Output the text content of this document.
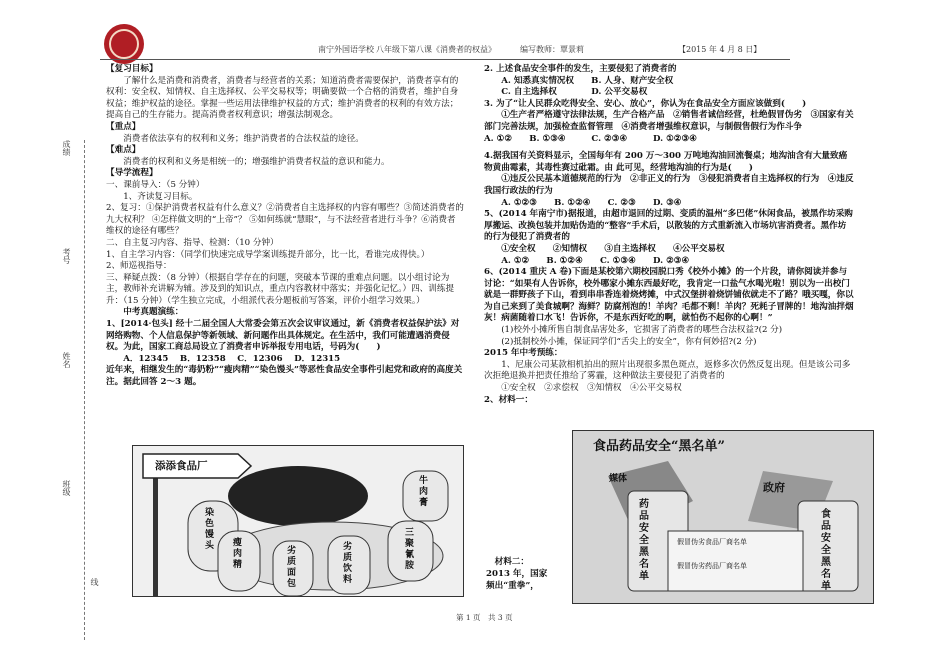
南宁外国语学校 八年级下第八课《消费者的权益》	编写教师：覃景莉	【2015 年 4 月 8 日】
成绩
考号
姓名
班级
线

【复习目标】

了解什么是消费和消费者，消费者与经营者的关系；知道消费者需要保护，消费者享有的权利：安全权、知情权、自主选择权、公平交易权等；明确要做一个合格的消费者，维护自身权益；维护权益的途径。掌握一些运用法律维护权益的方式；维护消费者的权利的有效方法；提高自己的生存能力。提高消费者权利意识；增强法制观念。

【重点】

消费者依法享有的权利和义务；维护消费者的合法权益的途径。

【难点】

消费者的权利和义务是相统一的；增强维护消费者权益的意识和能力。

【导学流程】

一、课前导入：（5 分钟）

1、齐读复习目标。

2、复习：①保护消费者权益有什么意义？②消费者自主选择权的内容有哪些？③简述消费者的九大权利？ ④怎样做文明的“上帝”？ ⑤如何练就“慧眼”，与不法经营者进行斗争？⑥消费者维权的途径有哪些？

二、自主复习内容、指导、检测：（10 分钟）

1、自主学习内容：（同学们快速完成导学案训练提升部分，比一比，看谁完成得快。）

2、师巡视指导：

三、释疑点拨：（8 分钟）（根据自学存在的问题，突破本节课的重难点问题。以小组讨论为主，教师补充讲解为辅。涉及到的知识点，重点内容教材中落实；并强化记忆。）四、训练提升：（15 分钟）（学生独立完成，小组派代表分题板前写答案，评价小组学习效果。）

中考真题演练：

1、[2014·包头] 经十二届全国人大常委会第五次会议审议通过，新《消费者权益保护法》对网络购物、个人信息保护等新领域、新问题作出具体规定。在生活中，我们可能遭遇消费侵权。为此，国家工商总局设立了消费者申诉举报专用电话，号码为(　　)

A．12345　 B．12358　 C．12306　 D．12315

近年来，相继发生的“毒奶粉”“瘦肉精”“染色馒头”等恶性食品安全事件引起党和政府的高度关注。据此回答 2～3 题。

添添食品厂
染色馒头	瘦肉精
劣质面包
劣质饮料
三聚氰胺
牛肉膏

2. 上述食品安全事件的发生，主要侵犯了消费者的

A. 知悉真实情况权　　B. 人身、财产安全权

C. 自主选择权　　　　D. 公平交易权

3. 为了“让人民群众吃得安全、安心、放心”，你认为在食品安全方面应该做到(　　)

①生产者严格遵守法律法规，生产合格产品　②销售者诚信经营，杜绝假冒伪劣　③国家有关部门完善法规，加强检查监督管理　④消费者增强维权意识，与制假售假行为作斗争

A. ①②　　B. ①③④　　　C. ②③④　　　D. ①②③④

4.据我国有关资料显示，全国每年有 200 万～300 万吨地沟油回流餐桌；地沟油含有大量致癌物黄曲霉素，其毒性赛过砒霜。由 此可见，经营地沟油的行为是(　　)

①违反公民基本道德规范的行为　②非正义的行为　③侵犯消费者自主选择权的行为　④违反我国行政法的行为

A. ①②③　　B. ①②④　　C. ②③　　D. ③④

5、(2014 年南宁市)据报道，由超市退回的过期、变质的温州“多巴佬”休闲食品，被黑作坊采购厚搬运、改换包装并加贴伪造的“整容”手术后，以散装的方式重新流入市场坑害消费者。黑作坊的行为侵犯了消费者的

①安全权　　②知情权　　③自主选择权　　④公平交易权

A. ①②　　B. ①②④　　C. ①③④　　D. ②③④

6、(2014 重庆 A 卷)下面是某校第六期校园脱口秀《校外小摊》的一个片段，请你阅读并参与讨论：“如果有人告诉你，校外哪家小摊东西最好吃，我肯定一口盐气水喝光啦！别以为一出校门就是一群野孩子下山，看到串串香连着烧烤摊，中式汉堡拼着烧饼铺依就走不了路？哦买嘎，你以为自己来到了美食城啊？海鲜？防腐剂泡的！羊肉？毛都不剩！羊肉？死耗子冒牌的！地沟油拌烟灰！病菌随着口水飞！告诉你，不是东西好吃的啊，就怕伤不起你的心啊！”

(1)校外小摊所售自制食品害处多，它损害了消费者的哪些合法权益?(2 分)

(2)抵制校外小摊，保证同学们“舌尖上的安全”，你有何妙招?(2 分)

2015 年中考预练：

1、尼康公司某款相机拍出的照片出现很多黑色斑点，返修多次仍然反复出现。但是该公司多次拒绝退换并把责任推给了雾霾，这种做法主要侵犯了消费者的

①安全权　②求偿权　③知情权　④公平交易权

2、材料一：

食品药品安全“黑名单”
媒体
政府
药品安全黑名单
食品安全黑名单
假冒伪劣食品厂商名单
假冒伪劣药品厂商名单

材料二：

2013 年，国家

频出“重拳”，

第 1 页　共 3 页
